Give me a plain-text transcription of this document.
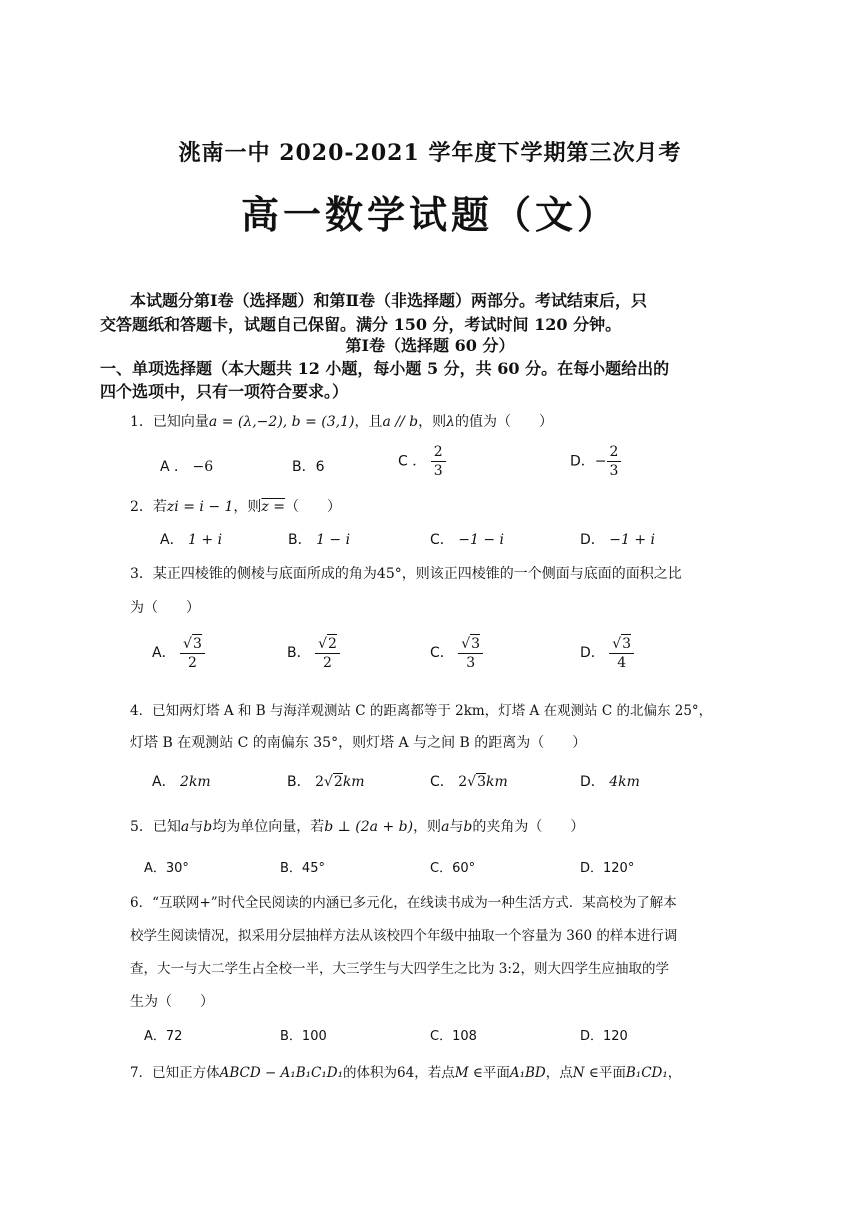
洮南一中 2020-2021 学年度下学期第三次月考
高一数学试题（文）
本试题分第Ⅰ卷（选择题）和第Ⅱ卷（非选择题）两部分。考试结束后，只
交答题纸和答题卡，试题自己保留。满分 150 分，考试时间 120 分钟。
第Ⅰ卷（选择题 60 分）
一、单项选择题（本大题共 12 小题，每小题 5 分，共 60 分。在每小题给出的
四个选项中，只有一项符合要求。）
1．已知向量a = (λ,−2), b = (3,1)，且a // b，则λ的值为（　　）
A ． −6	B．6	C ． $\frac{2}{3}$	D．− $\frac{2}{3}$
2．若zi = i − 1，则z =（　　）
A． 1 + i	B． 1 − i	C． −1 − i	D． −1 + i
3．某正四棱锥的侧棱与底面所成的角为45°，则该正四棱锥的一个侧面与底面的面积之比
为（　　）
A． $\frac{√3}{2}$	B． $\frac{√2}{2}$	C． $\frac{√3}{3}$	D． $\frac{√3}{4}$
4．已知两灯塔 A 和 B 与海洋观测站 C 的距离都等于 2km，灯塔 A 在观测站 C 的北偏东 25°，
灯塔 B 在观测站 C 的南偏东 35°，则灯塔 A 与之间 B 的距离为（　　）
A． 2km	B． 2√2km	C． 2√3km	D． 4km
5．已知a与b均为单位向量，若b ⊥ (2a + b)，则a与b的夹角为（　　）
A．30°	B．45°	C．60°	D．120°
6．“互联网+”时代全民阅读的内涵已多元化，在线读书成为一种生活方式．某高校为了解本
校学生阅读情况，拟采用分层抽样方法从该校四个年级中抽取一个容量为 360 的样本进行调
查，大一与大二学生占全校一半，大三学生与大四学生之比为 3:2，则大四学生应抽取的学
生为（　　）
A．72	B．100	C．108	D．120
7．已知正方体ABCD − A₁B₁C₁D₁的体积为64，若点M ∈平面A₁BD，点N ∈平面B₁CD₁，
